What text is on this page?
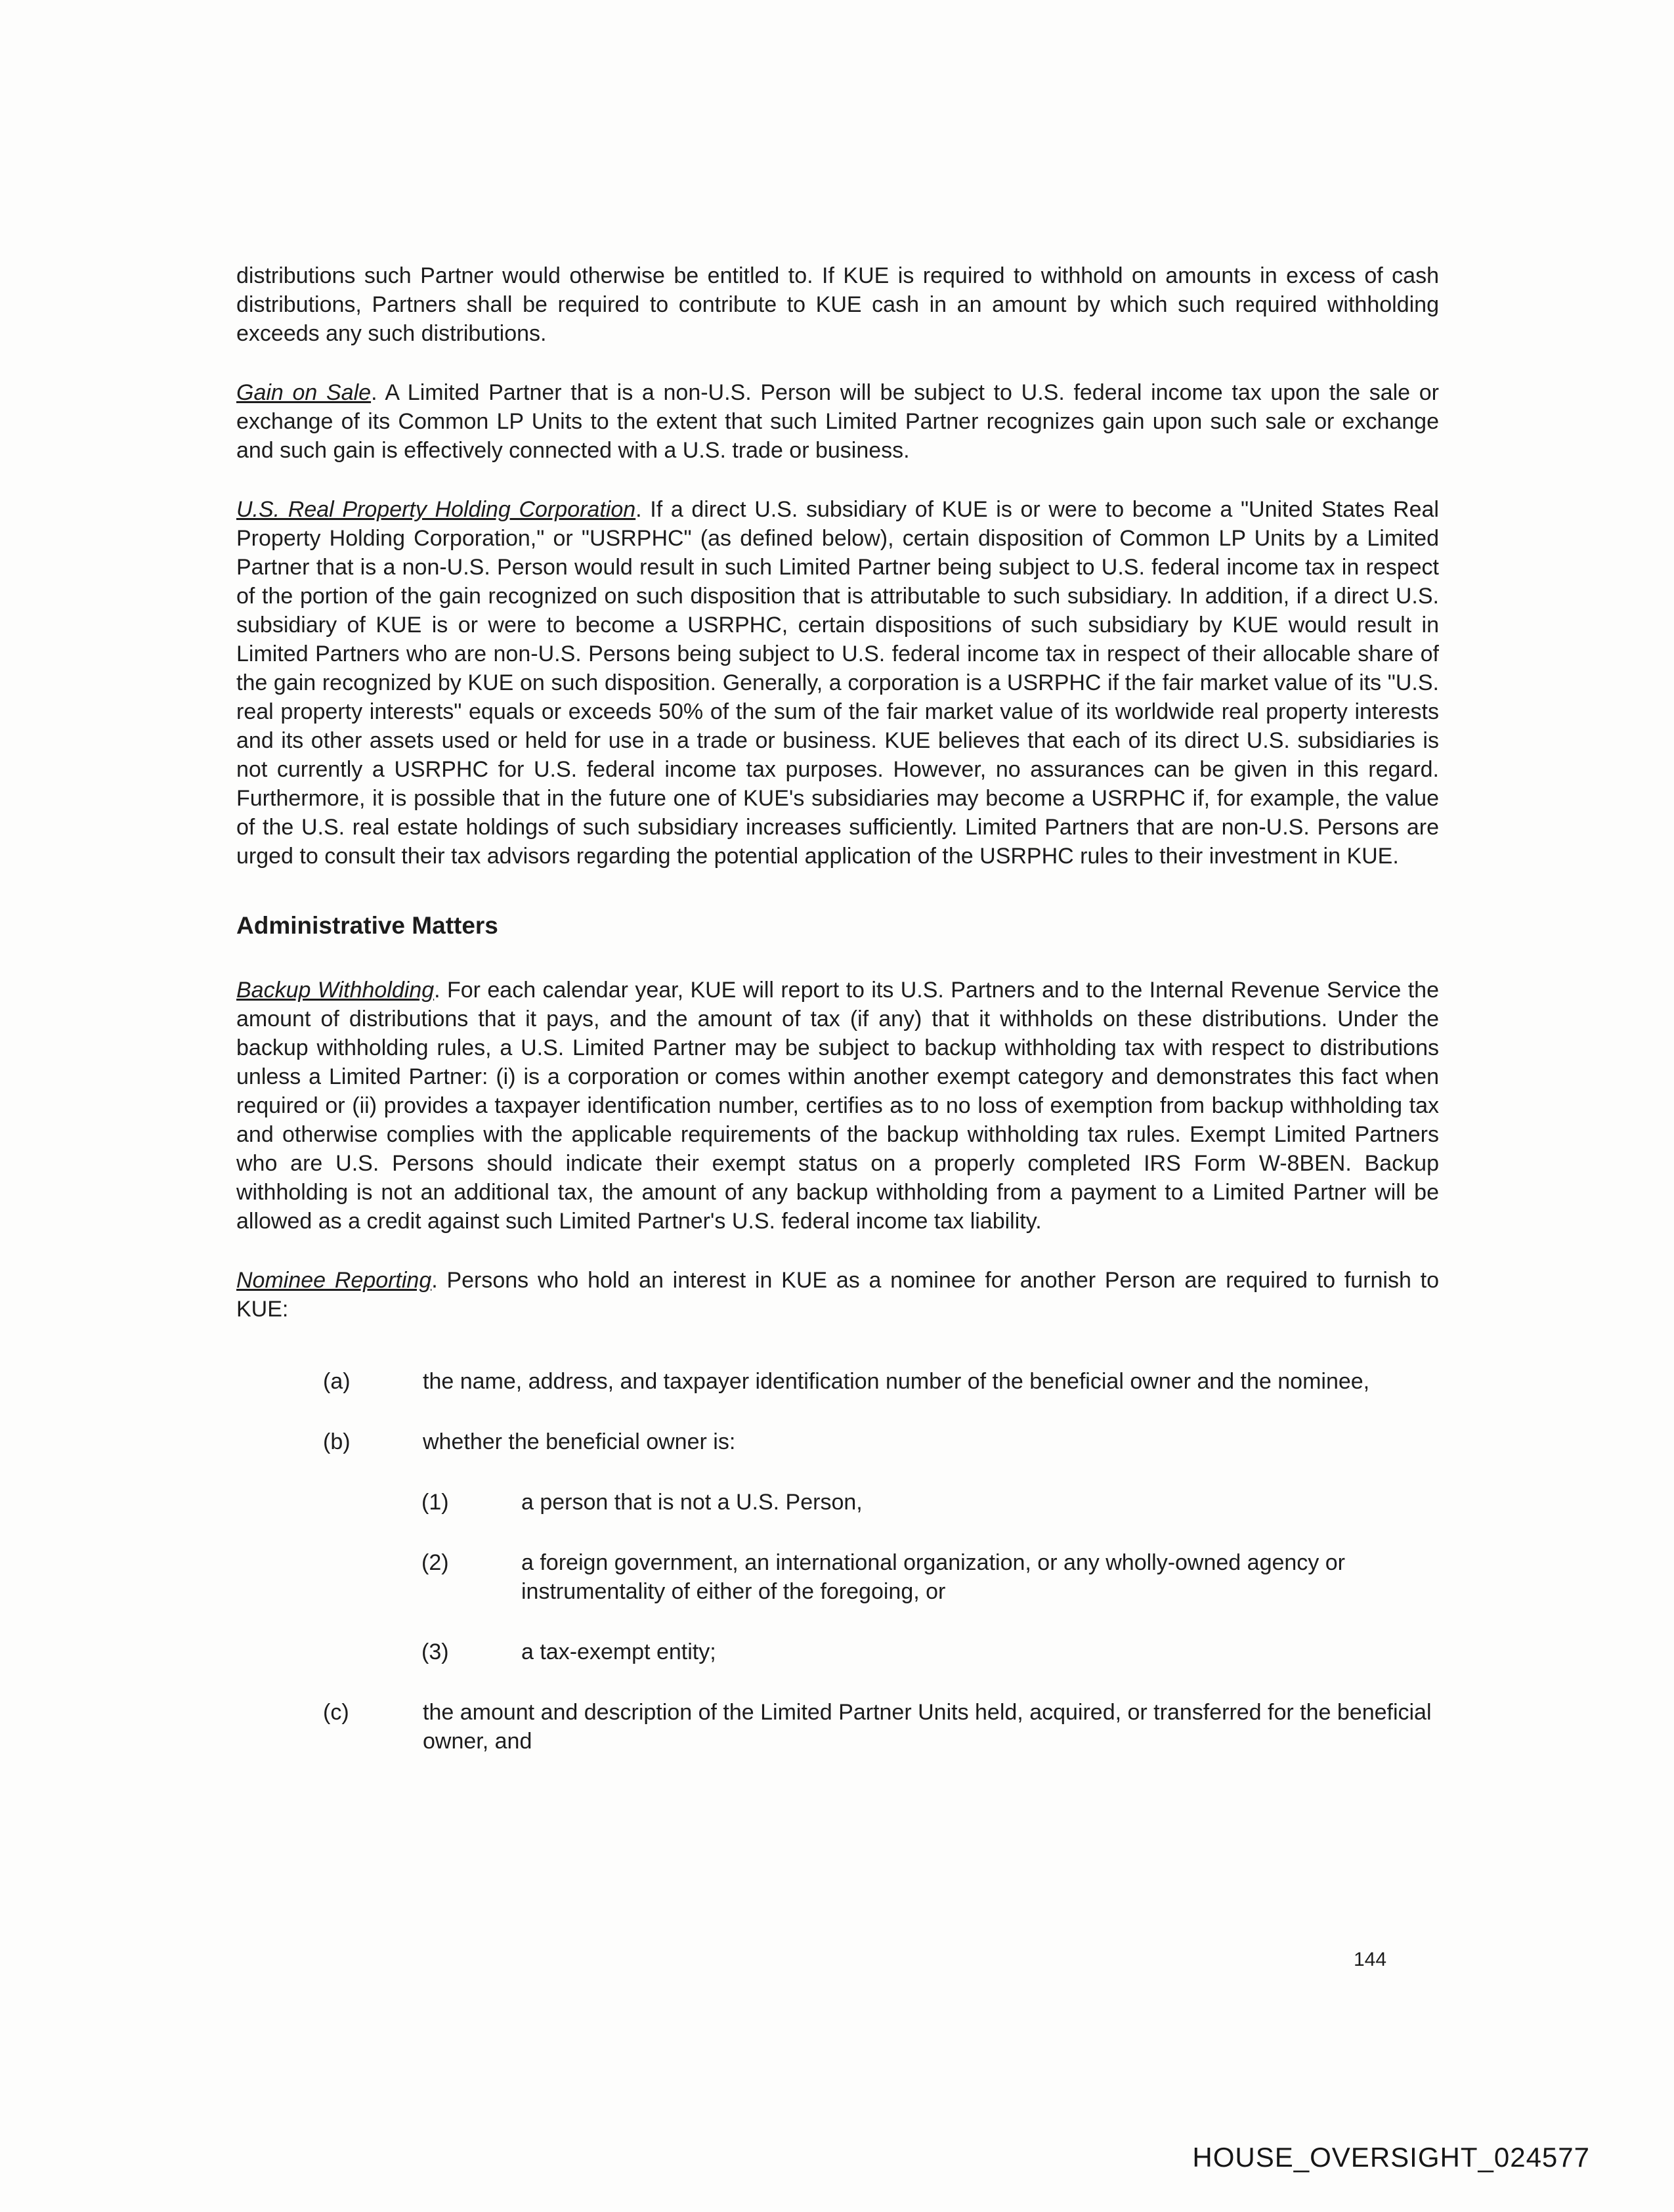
distributions such Partner would otherwise be entitled to. If KUE is required to withhold on amounts in excess of cash distributions, Partners shall be required to contribute to KUE cash in an amount by which such required withholding exceeds any such distributions.

Gain on Sale. A Limited Partner that is a non-U.S. Person will be subject to U.S. federal income tax upon the sale or exchange of its Common LP Units to the extent that such Limited Partner recognizes gain upon such sale or exchange and such gain is effectively connected with a U.S. trade or business.

U.S. Real Property Holding Corporation. If a direct U.S. subsidiary of KUE is or were to become a "United States Real Property Holding Corporation," or "USRPHC" (as defined below), certain disposition of Common LP Units by a Limited Partner that is a non-U.S. Person would result in such Limited Partner being subject to U.S. federal income tax in respect of the portion of the gain recognized on such disposition that is attributable to such subsidiary. In addition, if a direct U.S. subsidiary of KUE is or were to become a USRPHC, certain dispositions of such subsidiary by KUE would result in Limited Partners who are non-U.S. Persons being subject to U.S. federal income tax in respect of their allocable share of the gain recognized by KUE on such disposition. Generally, a corporation is a USRPHC if the fair market value of its "U.S. real property interests" equals or exceeds 50% of the sum of the fair market value of its worldwide real property interests and its other assets used or held for use in a trade or business. KUE believes that each of its direct U.S. subsidiaries is not currently a USRPHC for U.S. federal income tax purposes. However, no assurances can be given in this regard. Furthermore, it is possible that in the future one of KUE's subsidiaries may become a USRPHC if, for example, the value of the U.S. real estate holdings of such subsidiary increases sufficiently. Limited Partners that are non-U.S. Persons are urged to consult their tax advisors regarding the potential application of the USRPHC rules to their investment in KUE.

Administrative Matters

Backup Withholding. For each calendar year, KUE will report to its U.S. Partners and to the Internal Revenue Service the amount of distributions that it pays, and the amount of tax (if any) that it withholds on these distributions. Under the backup withholding rules, a U.S. Limited Partner may be subject to backup withholding tax with respect to distributions unless a Limited Partner: (i) is a corporation or comes within another exempt category and demonstrates this fact when required or (ii) provides a taxpayer identification number, certifies as to no loss of exemption from backup withholding tax and otherwise complies with the applicable requirements of the backup withholding tax rules. Exempt Limited Partners who are U.S. Persons should indicate their exempt status on a properly completed IRS Form W-8BEN. Backup withholding is not an additional tax, the amount of any backup withholding from a payment to a Limited Partner will be allowed as a credit against such Limited Partner's U.S. federal income tax liability.

Nominee Reporting. Persons who hold an interest in KUE as a nominee for another Person are required to furnish to KUE:

(a)	the name, address, and taxpayer identification number of the beneficial owner and the nominee,
(b)	whether the beneficial owner is:
(1)	a person that is not a U.S. Person,
(2)	a foreign government, an international organization, or any wholly-owned agency or instrumentality of either of the foregoing, or
(3)	a tax-exempt entity;
(c)	the amount and description of the Limited Partner Units held, acquired, or transferred for the beneficial owner, and
144
HOUSE_OVERSIGHT_024577
